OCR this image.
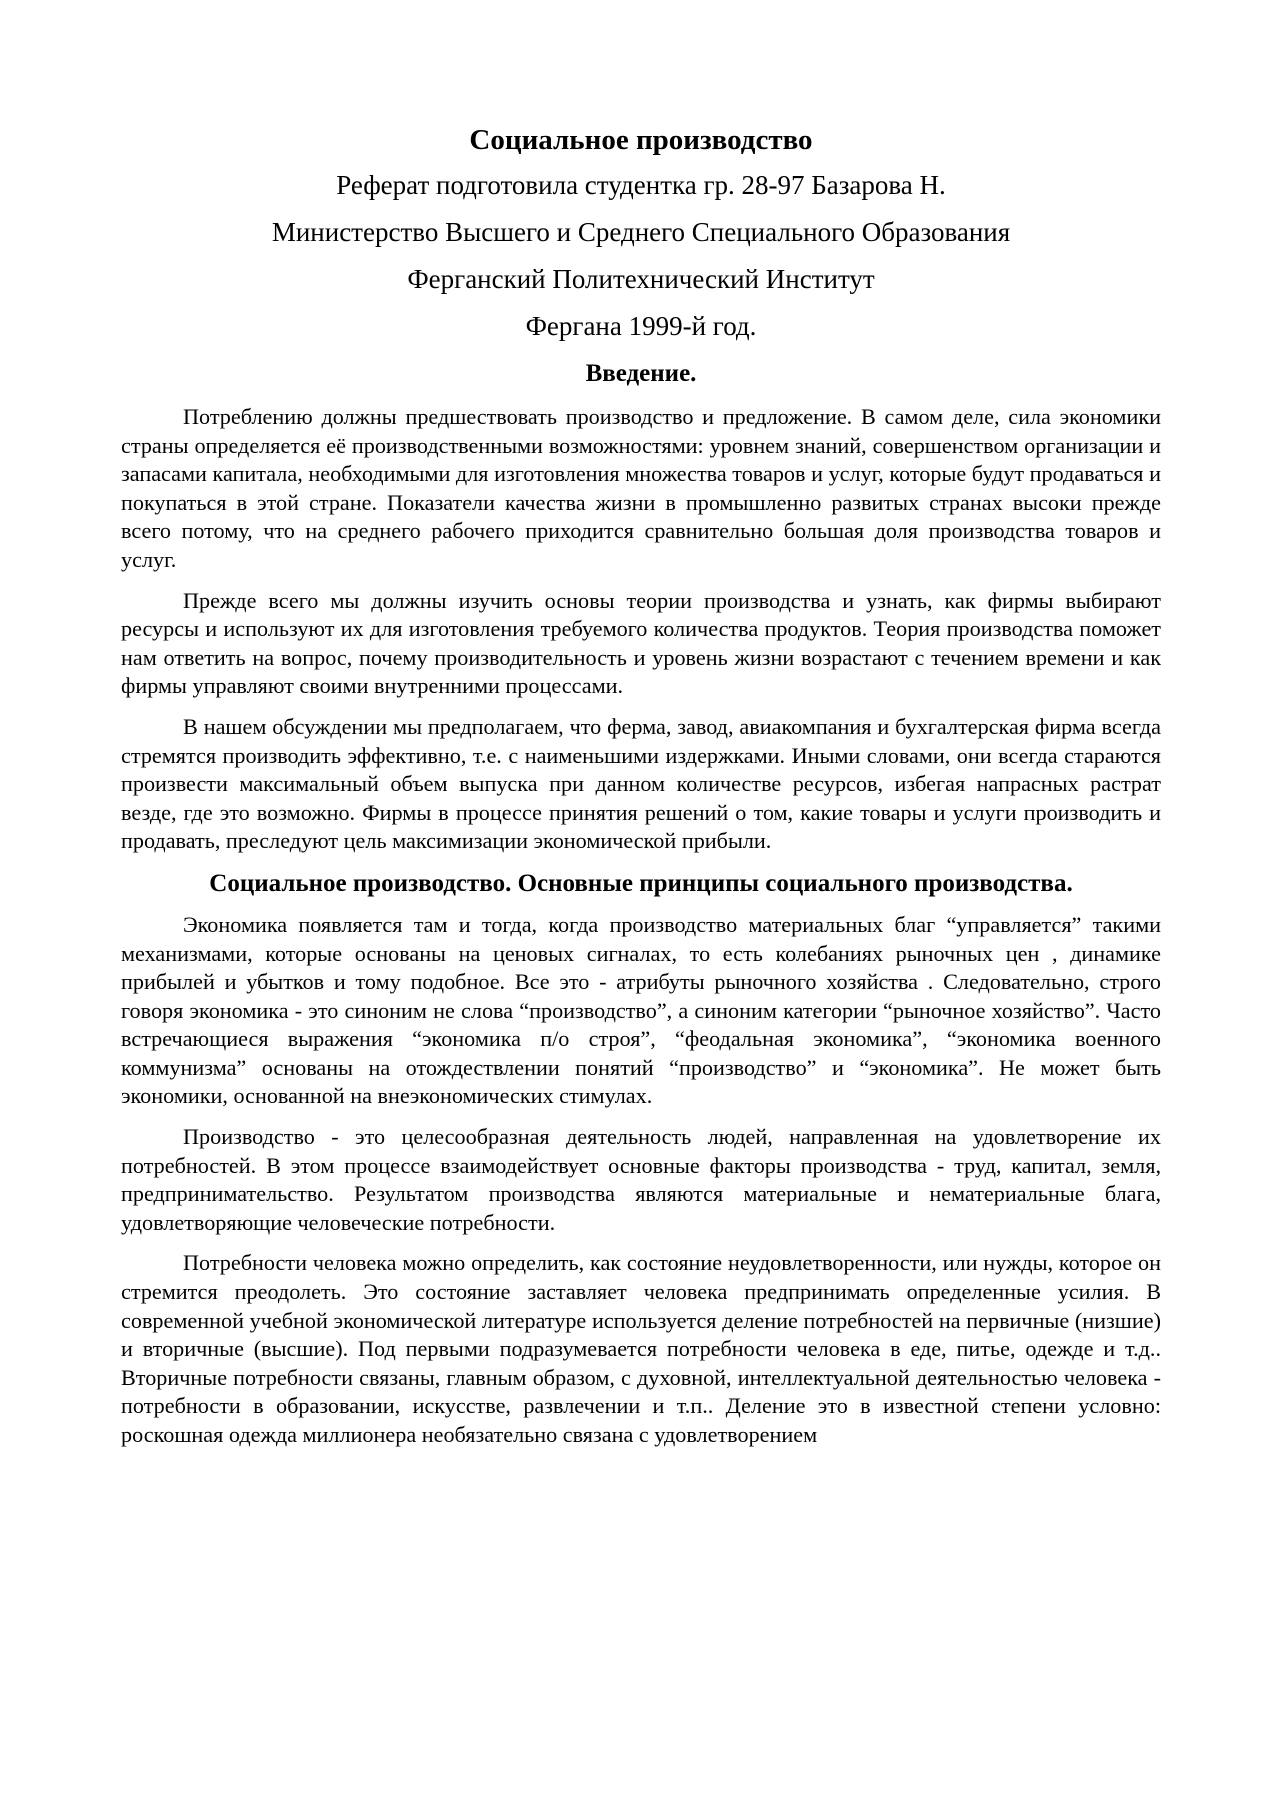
Социальное производство

Реферат подготовила студентка гр. 28-97 Базарова Н.

Министерство Высшего и Среднего Специального Образования

Ферганский Политехнический Институт

Фергана 1999-й год.

Введение.

Потреблению должны предшествовать производство и предложение. В самом деле, сила экономики страны определяется её производственными возможностями: уровнем знаний, совершенством организации и запасами капитала, необходимыми для изготовления множества товаров и услуг, которые будут продаваться и покупаться в этой стране. Показатели качества жизни в промышленно развитых странах высоки прежде всего потому, что на среднего рабочего приходится сравнительно большая доля производства товаров и услуг.

Прежде всего мы должны изучить основы теории производства и узнать, как фирмы выбирают ресурсы и используют их для изготовления требуемого количества продуктов. Теория производства поможет нам ответить на вопрос, почему производительность и уровень жизни возрастают с течением времени и как фирмы управляют своими внутренними процессами.

В нашем обсуждении мы предполагаем, что ферма, завод, авиакомпания и бухгалтерская фирма всегда стремятся производить эффективно, т.е. с наименьшими издержками. Иными словами, они всегда стараются произвести максимальный объем выпуска при данном количестве ресурсов, избегая напрасных растрат везде, где это возможно. Фирмы в процессе принятия решений о том, какие товары и услуги производить и продавать, преследуют цель максимизации экономической прибыли.

Социальное производство. Основные принципы социального производства.

Экономика появляется там и тогда, когда производство материальных благ “управляется” такими механизмами, которые основаны на ценовых сигналах, то есть колебаниях рыночных цен , динамике прибылей и убытков и тому подобное. Все это - атрибуты рыночного хозяйства . Следовательно, строго говоря экономика - это синоним не слова “производство”, а синоним категории “рыночное хозяйство”. Часто встречающиеся выражения “экономика п/о строя”, “феодальная экономика”, “экономика военного коммунизма” основаны на отождествлении понятий “производство” и “экономика”. Не может быть экономики, основанной на внеэкономических стимулах.

Производство - это целесообразная деятельность людей, направленная на удовлетворение их потребностей. В этом процессе взаимодействует основные факторы производства - труд, капитал, земля, предпринимательство. Результатом производства являются материальные и нематериальные блага, удовлетворяющие человеческие потребности.

Потребности человека можно определить, как состояние неудовлетворенности, или нужды, которое он стремится преодолеть. Это состояние заставляет человека предпринимать определенные усилия. В современной учебной экономической литературе используется деление потребностей на первичные (низшие) и вторичные (высшие). Под первыми подразумевается потребности человека в еде, питье, одежде и т.д.. Вторичные потребности связаны, главным образом, с духовной, интеллектуальной деятельностью человека - потребности в образовании, искусстве, развлечении и т.п.. Деление это в известной степени условно: роскошная одежда миллионера необязательно связана с удовлетворением
